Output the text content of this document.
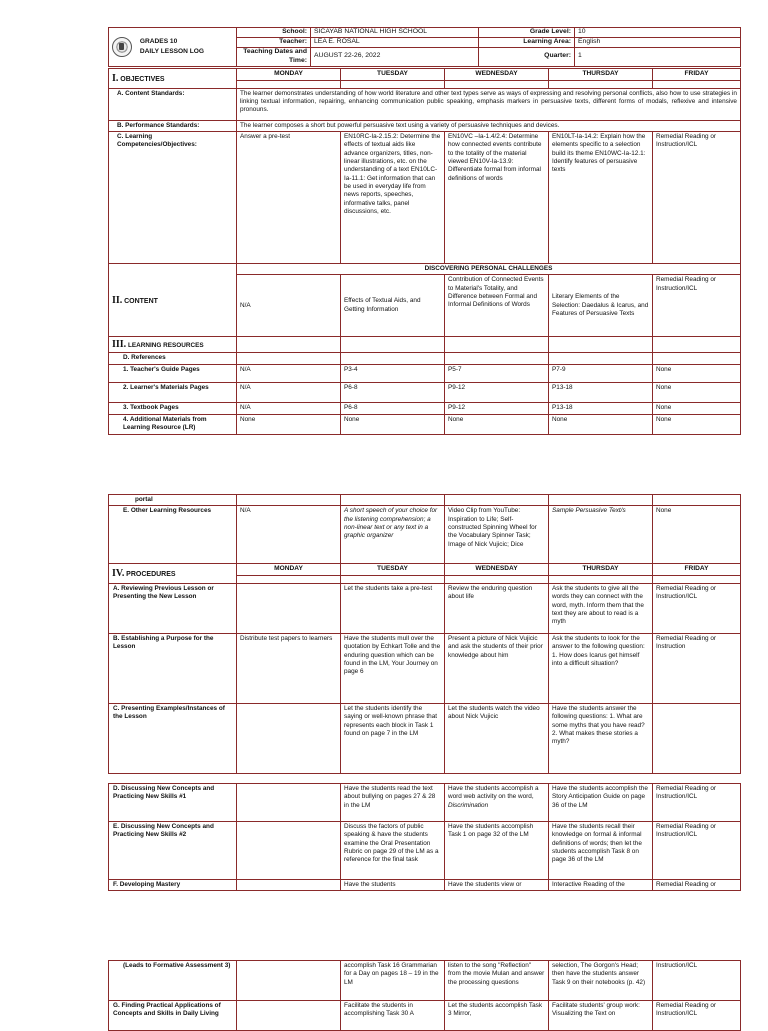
GRADES 10
DAILY LESSON LOG	School:	SICAYAB NATIONAL HIGH SCHOOL	Grade Level:	10
	Teacher:	LEA E. ROSAL	Learning Area:	English
	Teaching Dates and Time:	AUGUST 22-26, 2022	Quarter:	1
I. OBJECTIVES	MONDAY	TUESDAY	WEDNESDAY	THURSDAY	FRIDAY

A. Content Standards:	The learner demonstrates understanding of how world literature and other text types serve as ways of expressing and resolving personal conflicts, also how to use strategies in linking textual information, repairing, enhancing communication public speaking, emphasis markers in persuasive texts, different forms of modals, reflexive and intensive pronouns.				
B. Performance Standards:	The learner composes a short but powerful persuasive text using a variety of persuasive techniques and devices.				
C. Learning Competencies/Objectives:	Answer a pre-test	EN10RC-Ia-2.15.2: Determine the effects of textual aids like advance organizers, titles, non-linear illustrations, etc. on the understanding of a text EN10LC-Ia-11.1: Get information that can be used in everyday life from news reports, speeches, informative talks, panel discussions, etc.	EN10VC –Ia-1.4/2.4: Determine how connected events contribute to the totality of the material viewed EN10V-Ia-13.9: Differentiate formal from informal definitions of words	EN10LT-Ia-14.2: Explain how the elements specific to a selection build its theme EN10WC-Ia-12.1: Identify features of persuasive texts	Remedial Reading or Instruction/ICL
II. CONTENT	DISCOVERING PERSONAL CHALLENGES				
	N/A	Effects of Textual Aids, and Getting Information	Contribution of Connected Events to Material's Totality, and Difference between Formal and Informal Definitions of Words	Literary Elements of the Selection: Daedalus & Icarus, and Features of Persuasive Texts	Remedial Reading or Instruction/ICL
III. LEARNING RESOURCES					
D. References					
1. Teacher's Guide Pages	N/A	P3-4	P5-7	P7-9	None
2. Learner's Materials Pages	N/A	P6-8	P9-12	P13-18	None
3. Textbook Pages	N/A	P6-8	P9-12	P13-18	None
4. Additional Materials from Learning Resource (LR)	None	None	None	None	None
portal					
E. Other Learning Resources	N/A	A short speech of your choice for the listening comprehension; a non-linear text or any text in a graphic organizer	Video Clip from YouTube: Inspiration to Life; Self-constructed Spinning Wheel for the Vocabulary Spinner Task; Image of Nick Vujicic; Dice	Sample Persuasive Text/s	None
IV. PROCEDURES	MONDAY	TUESDAY	WEDNESDAY	THURSDAY	FRIDAY

A. Reviewing Previous Lesson or Presenting the New Lesson		Let the students take a pre-test	Review the enduring question about life	Ask the students to give all the words they can connect with the word, myth. Inform them that the text they are about to read is a myth	Remedial Reading or Instruction/ICL
B. Establishing a Purpose for the Lesson	Distribute test papers to learners	Have the students mull over the quotation by Echkart Tolle and the enduring question which can be found in the LM, Your Journey on page 6	Present a picture of Nick Vujicic and ask the students of their prior knowledge about him	Ask the students to look for the answer to the following question: 1. How does Icarus get himself into a difficult situation?	Remedial Reading or Instruction
C. Presenting Examples/Instances of the Lesson		Let the students identify the saying or well-known phrase that represents each block in Task 1 found on page 7 in the LM	Let the students watch the video about Nick Vujicic	Have the students answer the following questions: 1. What are some myths that you have read? 2. What makes these stories a myth?	
D. Discussing New Concepts and Practicing New Skills #1		Have the students read the text about bullying on pages 27 & 28 in the LM	Have the students accomplish a word web activity on the word, Discrimination	Have the students accomplish the Story Anticipation Guide on page 36 of the LM	Remedial Reading or Instruction/ICL
E. Discussing New Concepts and Practicing New Skills #2		Discuss the factors of public speaking & have the students examine the Oral Presentation Rubric on page 29 of the LM as a reference for the final task	Have the students accomplish Task 1 on page 32 of the LM	Have the students recall their knowledge on formal & informal definitions of words; then let the students accomplish Task 8 on page 36 of the LM	Remedial Reading or Instruction/ICL
F. Developing Mastery		Have the students	Have the students view or	Interactive Reading of the	Remedial Reading or
(Leads to Formative Assessment 3)		accomplish Task 16 Grammarian for a Day on pages 18 – 19 in the LM	listen to the song "Reflection" from the movie Mulan and answer the processing questions	selection, The Gorgon's Head; then have the students answer Task 9 on their notebooks (p. 42)	Instruction/ICL
G. Finding Practical Applications of Concepts and Skills in Daily Living		Facilitate the students in accomplishing Task 30 A	Let the students accomplish Task 3 Mirror,	Facilitate students' group work: Visualizing the Text on	Remedial Reading or Instruction/ICL
